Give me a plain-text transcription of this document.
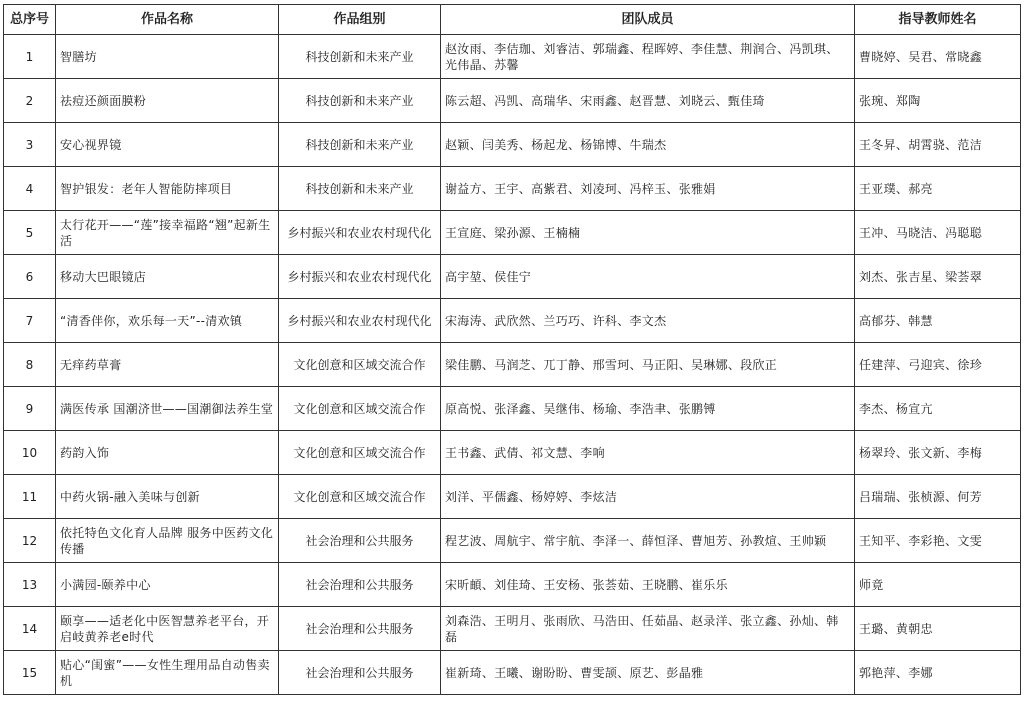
总序号	作品名称	作品组别	团队成员	指导教师姓名
1	智膳坊	科技创新和未来产业	赵汝雨、李佶珈、刘睿洁、郭瑞鑫、程晖婷、李佳慧、荆润合、冯凯琪、光伟晶、苏馨	曹晓婷、吴君、常晓鑫
2	祛痘还颜面膜粉	科技创新和未来产业	陈云超、冯凯、高瑞华、宋雨鑫、赵晋慧、刘晓云、甄佳琦	张琬、郑陶
3	安心视界镜	科技创新和未来产业	赵颖、闫美秀、杨起龙、杨锦博、牛瑞杰	王冬昇、胡霄骁、范洁
4	智护银发：老年人智能防摔项目	科技创新和未来产业	谢益方、王宇、高紫君、刘凌珂、冯梓玉、张雅娟	王亚璞、郝亮
5	太行花开——“莲”接幸福路“翘”起新生活	乡村振兴和农业农村现代化	王宣庭、梁孙源、王楠楠	王冲、马晓洁、冯聪聪
6	移动大巴眼镜店	乡村振兴和农业农村现代化	高宇堃、侯佳宁	刘杰、张吉星、梁荟翠
7	“清香伴你，欢乐每一天”--清欢镇	乡村振兴和农业农村现代化	宋海涛、武欣然、兰巧巧、许科、李文杰	高郁芬、韩慧
8	无痒药草膏	文化创意和区域交流合作	梁佳鹏、马润芝、兀丁静、邢雪珂、马正阳、吴琳娜、段欣正	任建萍、弓迎宾、徐珍
9	满医传承 国潮济世——国潮御法养生堂	文化创意和区域交流合作	原高悦、张泽鑫、吴继伟、杨瑜、李浩聿、张鹏镈	李杰、杨宣亢
10	药韵入饰	文化创意和区域交流合作	王书鑫、武倩、祁文慧、李响	杨翠玲、张文新、李梅
11	中药火锅-融入美味与创新	文化创意和区域交流合作	刘洋、平儒鑫、杨婷婷、李炫洁	吕瑞瑞、张桢源、何芳
12	依托特色文化育人品牌 服务中医药文化传播	社会治理和公共服务	程艺波、周航宇、常宇航、李泽一、薛恒泽、曹旭芳、孙教煊、王帅颖	王知平、李彩艳、文雯
13	小满园-颐养中心	社会治理和公共服务	宋昕頔、刘佳琦、王安杨、张荟茹、王晓鹏、崔乐乐	师竟
14	颐享——适老化中医智慧养老平台，开启岐黄养老e时代	社会治理和公共服务	刘森浩、王明月、张雨欣、马浩田、任茹晶、赵录洋、张立鑫、孙灿、韩磊	王璐、黄朝忠
15	贴心“闺蜜”——女性生理用品自动售卖机	社会治理和公共服务	崔新琦、王曦、谢盼盼、曹雯颉、原艺、彭晶雅	郭艳萍、李娜
